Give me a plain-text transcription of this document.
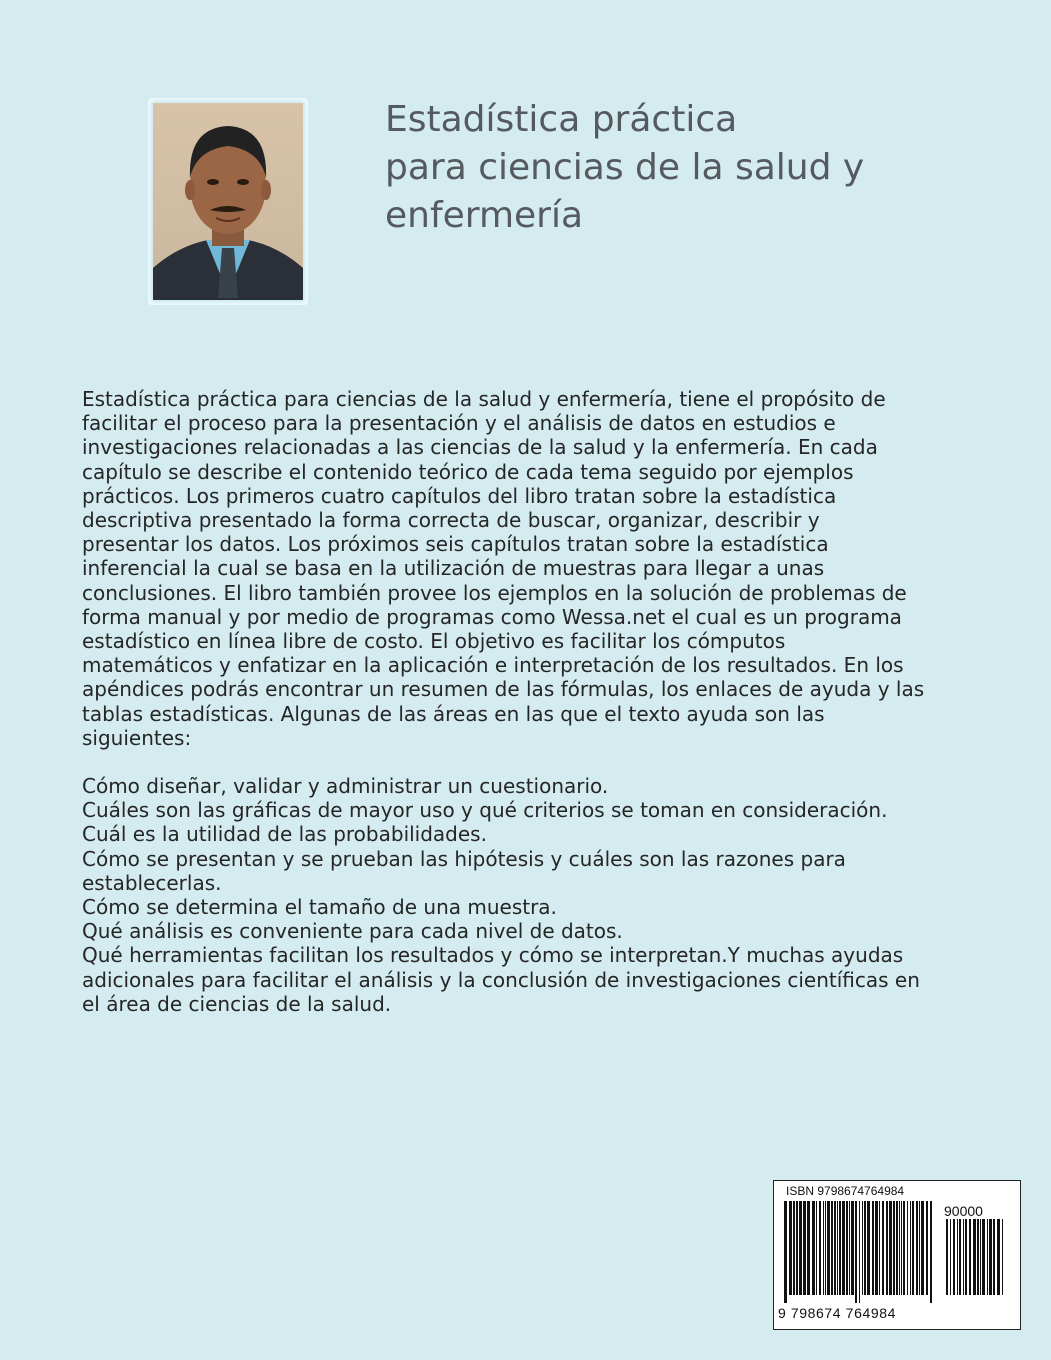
Estadística práctica
para ciencias de la salud y
enfermería
Estadística práctica para ciencias de la salud y enfermería, tiene el propósito de
facilitar el proceso para la presentación y el análisis de datos en estudios e
investigaciones relacionadas a las ciencias de la salud y la enfermería. En cada
capítulo se describe el contenido teórico de cada tema seguido por ejemplos
prácticos. Los primeros cuatro capítulos del libro tratan sobre la estadística
descriptiva presentado la forma correcta de buscar, organizar, describir y
presentar los datos. Los próximos seis capítulos tratan sobre la estadística
inferencial la cual se basa en la utilización de muestras para llegar a unas
conclusiones. El libro también provee los ejemplos en la solución de problemas de
forma manual y por medio de programas como Wessa.net el cual es un programa
estadístico en línea libre de costo. El objetivo es facilitar los cómputos
matemáticos y enfatizar en la aplicación e interpretación de los resultados. En los
apéndices podrás encontrar un resumen de las fórmulas, los enlaces de ayuda y las
tablas estadísticas. Algunas de las áreas en las que el texto ayuda son las
siguientes:
Cómo diseñar, validar y administrar un cuestionario.
Cuáles son las gráficas de mayor uso y qué criterios se toman en consideración.
Cuál es la utilidad de las probabilidades.
Cómo se presentan y se prueban las hipótesis y cuáles son las razones para
establecerlas.
Cómo se determina el tamaño de una muestra.
Qué análisis es conveniente para cada nivel de datos.
Qué herramientas facilitan los resultados y cómo se interpretan.Y muchas ayudas
adicionales para facilitar el análisis y la conclusión de investigaciones científicas en
el área de ciencias de la salud.
ISBN 9798674764984
90000
9 798674 764984
